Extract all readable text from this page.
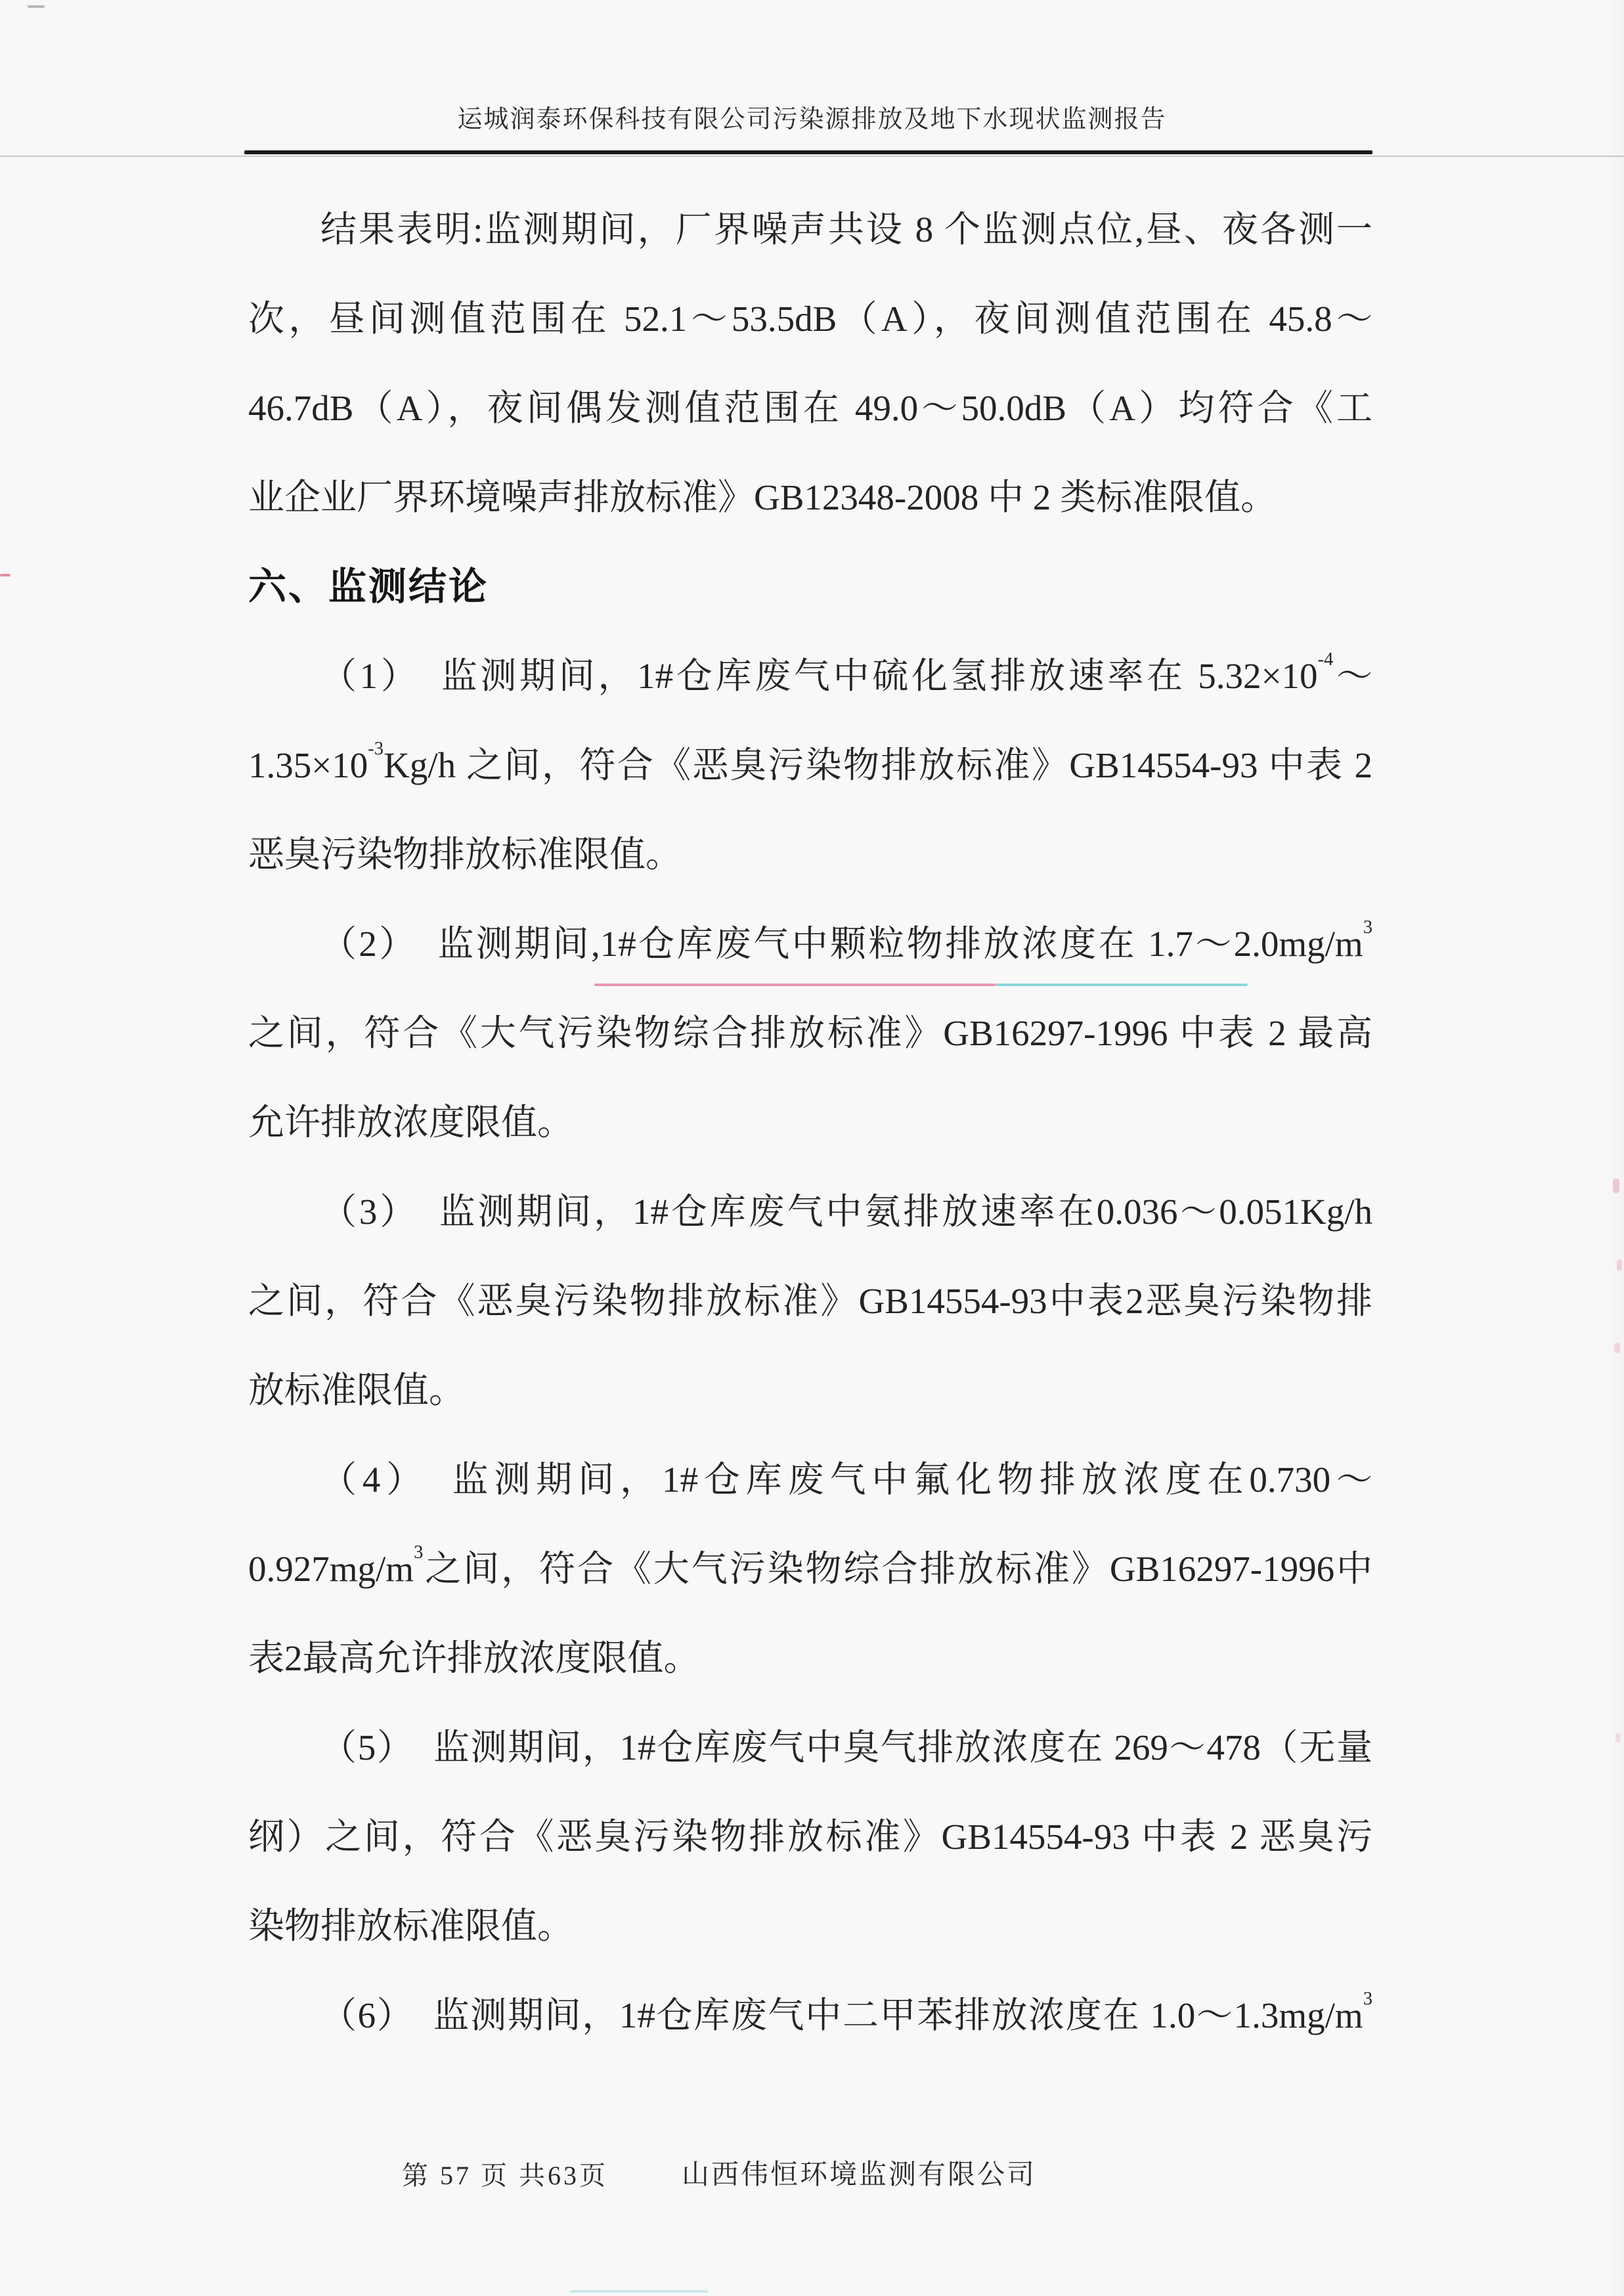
运城润泰环保科技有限公司污染源排放及地下水现状监测报告
结果表明:监测期间，厂界噪声共设 8 个监测点位,昼、夜各测一
次，昼间测值范围在 52.1～53.5dB（A），夜间测值范围在 45.8～
46.7dB（A），夜间偶发测值范围在 49.0～50.0dB（A）均符合《工
业企业厂界环境噪声排放标准》GB12348-2008 中 2 类标准限值。
六、监测结论
（1）　监测期间，1#仓库废气中硫化氢排放速率在 $5.32\times 10^{-4}\sim$
$1.35\times 10^{-3}Kg/h$ 之间，符合《恶臭污染物排放标准》GB14554-93 中表 2
恶臭污染物排放标准限值。
（2）　监测期间,1#仓库废气中颗粒物排放浓度在 $1.7\sim 2.0mg/m^3$
之间，符合《大气污染物综合排放标准》GB16297-1996 中表 2 最高
允许排放浓度限值。
（3）　监测期间，1#仓库废气中氨排放速率在0.036～0.051Kg/h
之间，符合《恶臭污染物排放标准》GB14554-93中表2恶臭污染物排
放标准限值。
（4）　监测期间，1#仓库废气中氟化物排放浓度在0.730～
$0.927mg/m^3$之间，符合《大气污染物综合排放标准》GB16297-1996中
表2最高允许排放浓度限值。
（5）　监测期间，1#仓库废气中臭气排放浓度在 269～478（无量
纲）之间，符合《恶臭污染物排放标准》GB14554-93 中表 2 恶臭污
染物排放标准限值。
（6）　监测期间，1#仓库废气中二甲苯排放浓度在 $1.0\sim 1.3mg/m^3$
第 57 页 共63页	山西伟恒环境监测有限公司
